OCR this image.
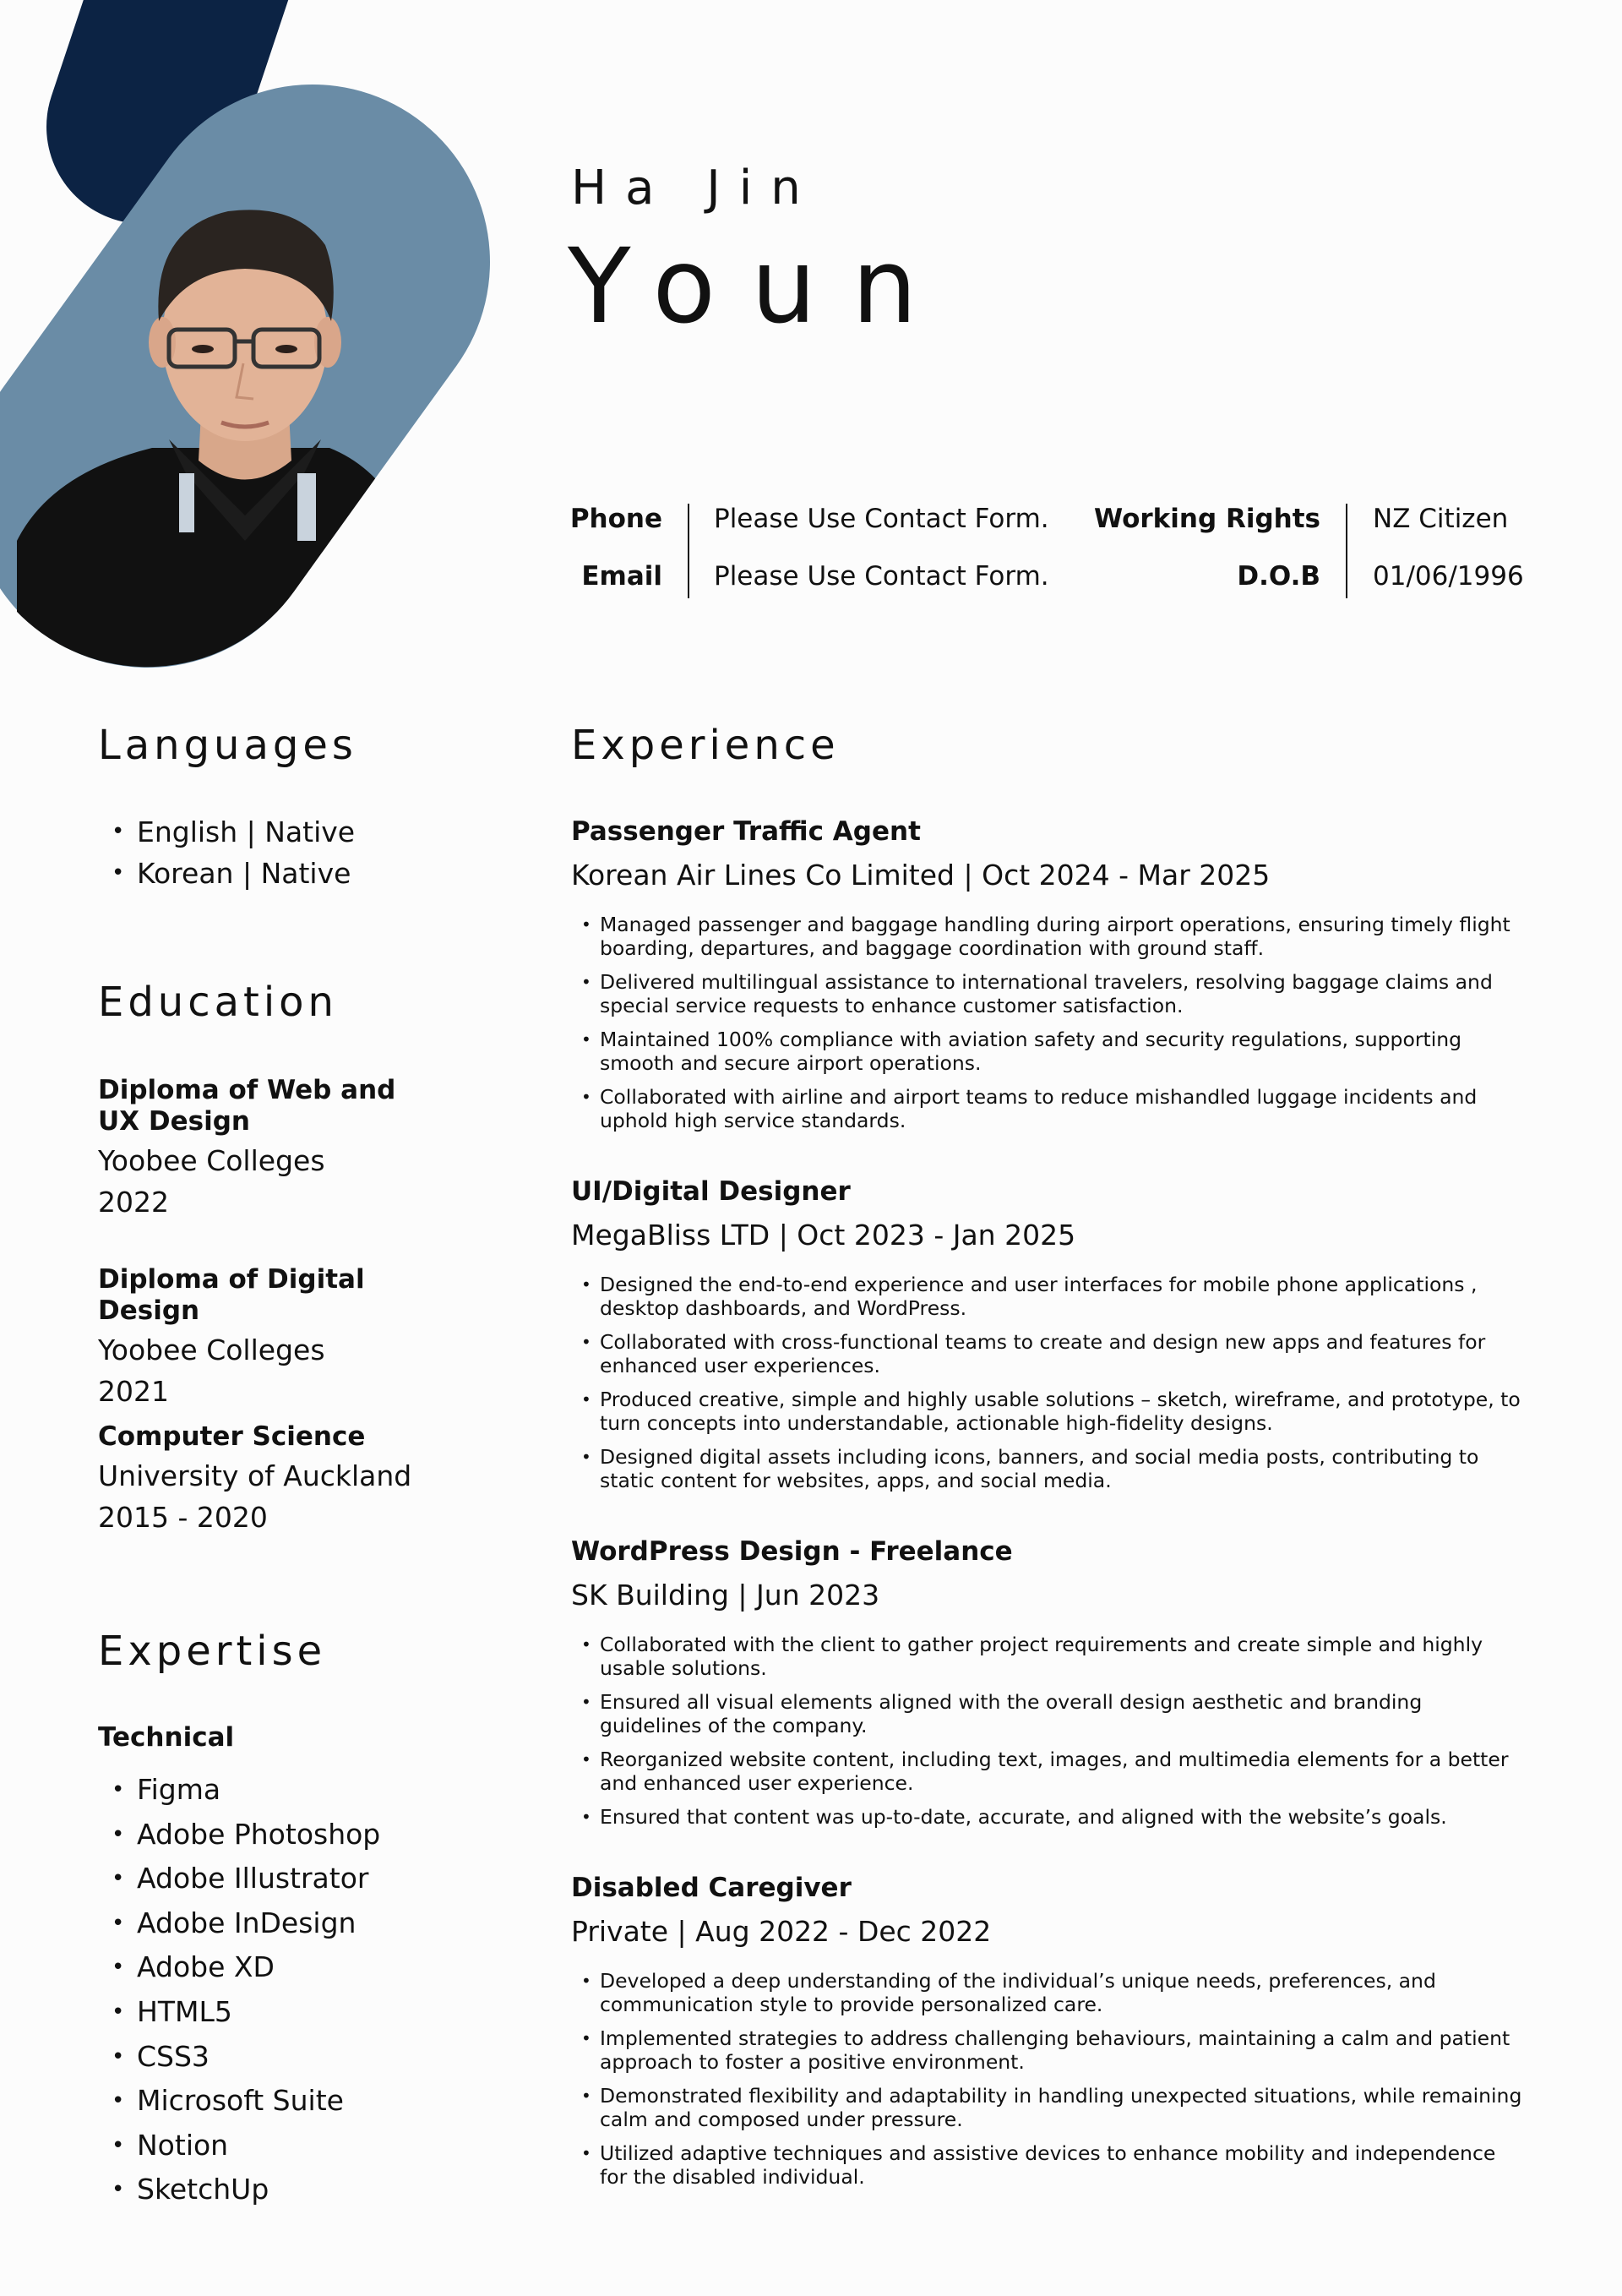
Ha Jin
Youn
Phone
Email
Please Use Contact Form.
Please Use Contact Form.
Working Rights
D.O.B
NZ Citizen
01/06/1996
Languages
• English | Native
• Korean | Native
Education
Diploma of Web and
UX Design
Yoobee Colleges
2022
Diploma of Digital Design
Yoobee Colleges
2021
Computer Science
University of Auckland
2015 - 2020
Expertise
Technical
• Figma
• Adobe Photoshop
• Adobe Illustrator
• Adobe InDesign
• Adobe XD
• HTML5
• CSS3
• Microsoft Suite
• Notion
• SketchUp
Experience
Passenger Traffic Agent
Korean Air Lines Co Limited | Oct 2024 - Mar 2025
• Managed passenger and baggage handling during airport operations, ensuring timely flight boarding, departures, and baggage coordination with ground staff.
• Delivered multilingual assistance to international travelers, resolving baggage claims and special service requests to enhance customer satisfaction.
• Maintained 100% compliance with aviation safety and security regulations, supporting smooth and secure airport operations.
• Collaborated with airline and airport teams to reduce mishandled luggage incidents and uphold high service standards.
UI/Digital Designer
MegaBliss LTD | Oct 2023 - Jan 2025
• Designed the end-to-end experience and user interfaces for mobile phone applications , desktop dashboards, and WordPress.
• Collaborated with cross-functional teams to create and design new apps and features for enhanced user experiences.
• Produced creative, simple and highly usable solutions – sketch, wireframe, and prototype, to turn concepts into understandable, actionable high-fidelity designs.
• Designed digital assets including icons, banners, and social media posts, contributing to static content for websites, apps, and social media.
WordPress Design - Freelance
SK Building | Jun 2023
• Collaborated with the client to gather project requirements and create simple and highly usable solutions.
• Ensured all visual elements aligned with the overall design aesthetic and branding guidelines of the company.
• Reorganized website content, including text, images, and multimedia elements for a better and enhanced user experience.
• Ensured that content was up-to-date, accurate, and aligned with the website’s goals.
Disabled Caregiver
Private | Aug 2022 - Dec 2022
• Developed a deep understanding of the individual’s unique needs, preferences, and communication style to provide personalized care.
• Implemented strategies to address challenging behaviours, maintaining a calm and patient approach to foster a positive environment.
• Demonstrated flexibility and adaptability in handling unexpected situations, while remaining calm and composed under pressure.
• Utilized adaptive techniques and assistive devices to enhance mobility and independence for the disabled individual.
